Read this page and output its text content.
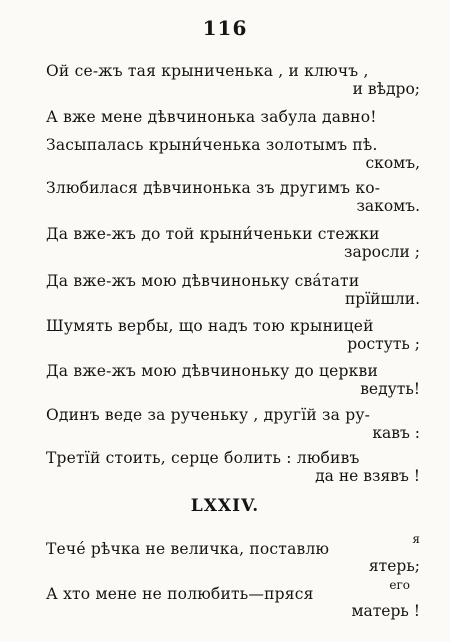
116
Ой се-жъ тая крыниченька , и ключъ ,
и вѣдро;
А вже мене дѣвчинонька забула давно!
Засыпалась крыни́ченька золотымъ пѣ.
скомъ,
Злюбилася дѣвчинонька зъ другимъ ко-
закомъ.
Да вже-жъ до той крыни́ченьки стежки
заросли ;
Да вже-жъ мою дѣвчиноньку сва́тати
прїйшли.
Шумять вербы, що надъ тою крыницей
ростуть ;
Да вже-жъ мою дѣвчиноньку до церкви
ведуть!
Одинъ веде за рученьку , другїй за ру-
кавъ :
Третїй стоить, серце болить : любивъ
да не взявъ !
LXXIV.
Тече́ рѣчка не величка, поставлю
я
ятерь;
А хто мене не полюбить—пряся	его
матерь !
